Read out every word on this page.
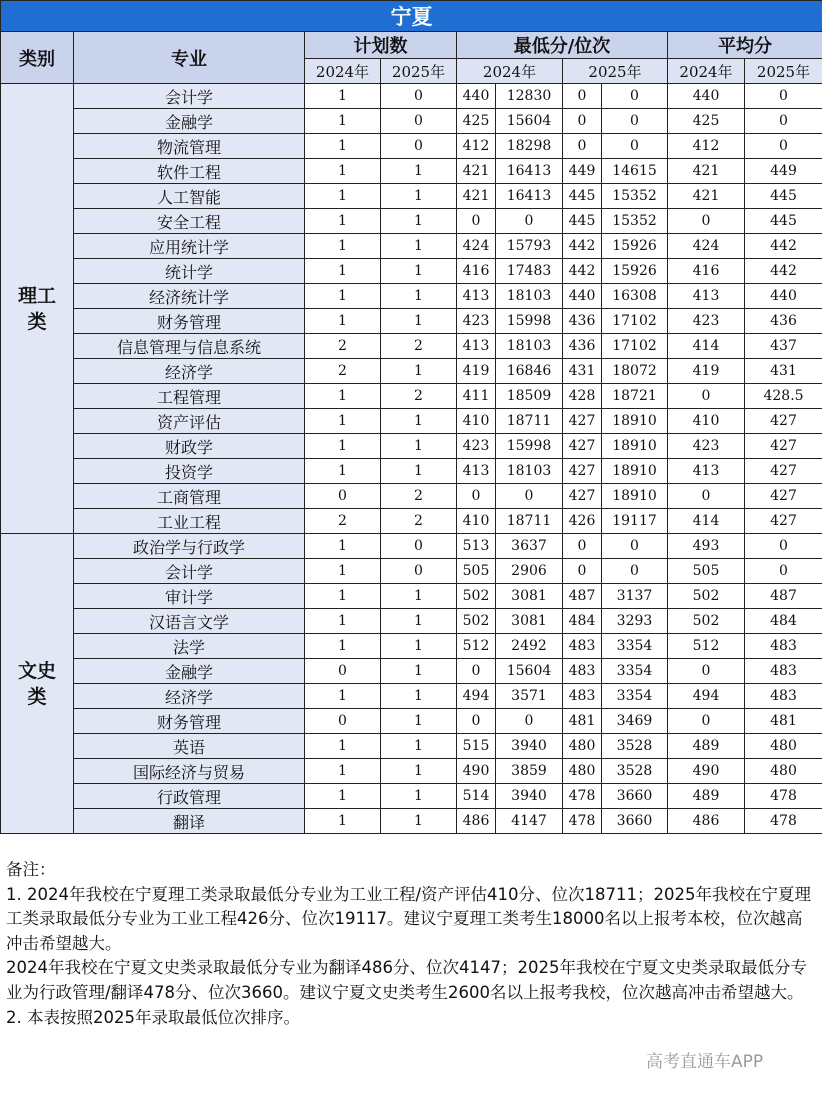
宁夏									
类别	专业	计划数		最低分/位次				平均分	
		2024年	2025年	2024年		2025年		2024年	2025年
理工
类	会计学	1	0	440	12830	0	0	440	0
	金融学	1	0	425	15604	0	0	425	0
	物流管理	1	0	412	18298	0	0	412	0
	软件工程	1	1	421	16413	449	14615	421	449
	人工智能	1	1	421	16413	445	15352	421	445
	安全工程	1	1	0	0	445	15352	0	445
	应用统计学	1	1	424	15793	442	15926	424	442
	统计学	1	1	416	17483	442	15926	416	442
	经济统计学	1	1	413	18103	440	16308	413	440
	财务管理	1	1	423	15998	436	17102	423	436
	信息管理与信息系统	2	2	413	18103	436	17102	414	437
	经济学	2	1	419	16846	431	18072	419	431
	工程管理	1	2	411	18509	428	18721	0	428.5
	资产评估	1	1	410	18711	427	18910	410	427
	财政学	1	1	423	15998	427	18910	423	427
	投资学	1	1	413	18103	427	18910	413	427
	工商管理	0	2	0	0	427	18910	0	427
	工业工程	2	2	410	18711	426	19117	414	427
文史
类	政治学与行政学	1	0	513	3637	0	0	493	0
	会计学	1	0	505	2906	0	0	505	0
	审计学	1	1	502	3081	487	3137	502	487
	汉语言文学	1	1	502	3081	484	3293	502	484
	法学	1	1	512	2492	483	3354	512	483
	金融学	0	1	0	15604	483	3354	0	483
	经济学	1	1	494	3571	483	3354	494	483
	财务管理	0	1	0	0	481	3469	0	481
	英语	1	1	515	3940	480	3528	489	480
	国际经济与贸易	1	1	490	3859	480	3528	490	480
	行政管理	1	1	514	3940	478	3660	489	478
	翻译	1	1	486	4147	478	3660	486	478
备注：
1. 2024年我校在宁夏理工类录取最低分专业为工业工程/资产评估410分、位次18711；2025年我校在宁夏理工类录取最低分专业为工业工程426分、位次19117。建议宁夏理工类考生18000名以上报考本校，位次越高冲击希望越大。
2024年我校在宁夏文史类录取最低分专业为翻译486分、位次4147；2025年我校在宁夏文史类录取最低分专业为行政管理/翻译478分、位次3660。建议宁夏文史类考生2600名以上报考我校，位次越高冲击希望越大。
2. 本表按照2025年录取最低位次排序。
高考直通车APP
